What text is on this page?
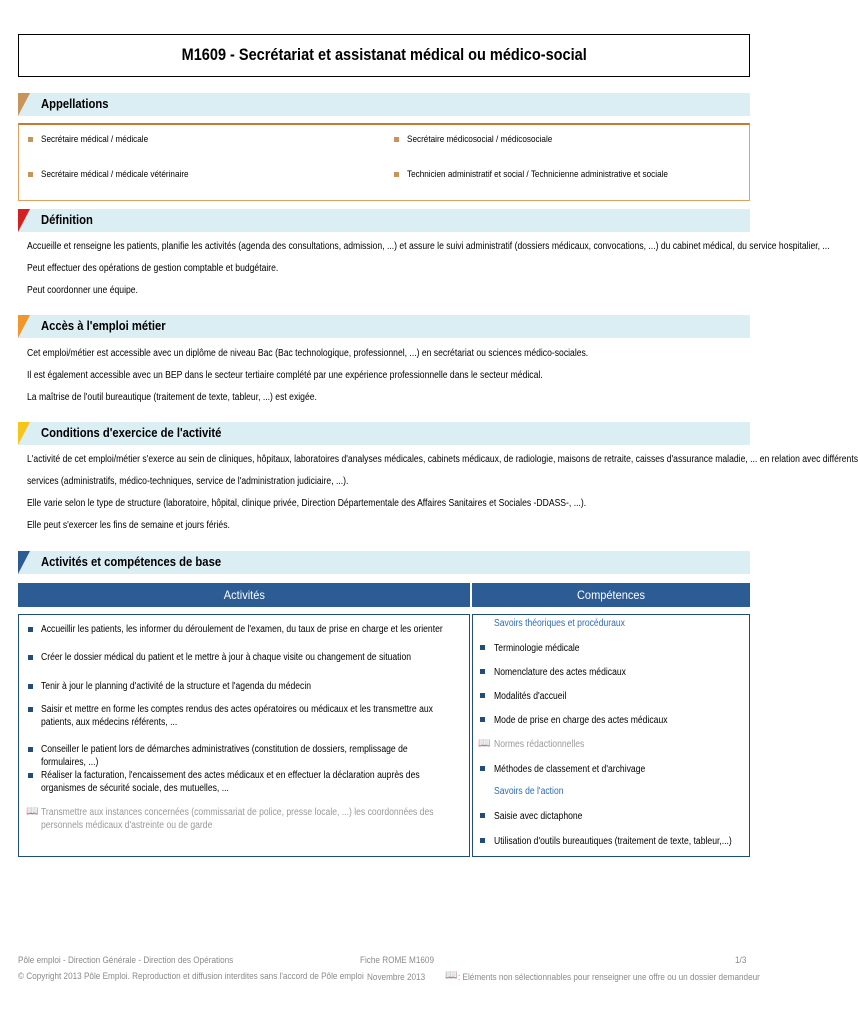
M1609 - Secrétariat et assistanat médical ou médico-social
Appellations
Secrétaire médical / médicale	Secrétaire médicosocial / médicosociale
Secrétaire médical / médicale vétérinaire	Technicien administratif et social / Technicienne administrative et sociale
Définition
Accueille et renseigne les patients, planifie les activités (agenda des consultations, admission, ...) et assure le suivi administratif (dossiers médicaux, convocations, ...) du cabinet médical, du service hospitalier, ...
Peut effectuer des opérations de gestion comptable et budgétaire.
Peut coordonner une équipe.
Accès à l'emploi métier
Cet emploi/métier est accessible avec un diplôme de niveau Bac (Bac technologique, professionnel, ...) en secrétariat ou sciences médico-sociales.
Il est également accessible avec un BEP dans le secteur tertiaire complété par une expérience professionnelle dans le secteur médical.
La maîtrise de l'outil bureautique (traitement de texte, tableur, ...) est exigée.
Conditions d'exercice de l'activité
L'activité de cet emploi/métier s'exerce au sein de cliniques, hôpitaux, laboratoires d'analyses médicales, cabinets médicaux, de radiologie, maisons de retraite, caisses d'assurance maladie, ... en relation avec différents
services (administratifs, médico-techniques, service de l'administration judiciaire, ...).
Elle varie selon le type de structure (laboratoire, hôpital, clinique privée, Direction Départementale des Affaires Sanitaires et Sociales -DDASS-, ...).
Elle peut s'exercer les fins de semaine et jours fériés.
Activités et compétences de base
Activités	Compétences
Accueillir les patients, les informer du déroulement de l'examen, du taux de prise en charge et les orienter
Créer le dossier médical du patient et le mettre à jour à chaque visite ou changement de situation
Tenir à jour le planning d'activité de la structure et l'agenda du médecin
Saisir et mettre en forme les comptes rendus des actes opératoires ou médicaux et les transmettre aux patients, aux médecins référents, ...
Conseiller le patient lors de démarches administratives (constitution de dossiers, remplissage de formulaires, ...)
Réaliser la facturation, l'encaissement des actes médicaux et en effectuer la déclaration auprès des organismes de sécurité sociale, des mutuelles, ...
📖 Transmettre aux instances concernées (commissariat de police, presse locale, ...) les coordonnées des personnels médicaux d'astreinte ou de garde
Savoirs théoriques et procéduraux
Terminologie médicale
Nomenclature des actes médicaux
Modalités d'accueil
Mode de prise en charge des actes médicaux
📖 Normes rédactionnelles
Méthodes de classement et d'archivage
Savoirs de l'action
Saisie avec dictaphone
Utilisation d'outils bureautiques (traitement de texte, tableur,...)
Pôle emploi - Direction Générale - Direction des Opérations
© Copyright 2013 Pôle Emploi. Reproduction et diffusion interdites sans l'accord de Pôle emploi
Fiche ROME M1609
Novembre 2013
1/3
📖 : Eléments non sélectionnables pour renseigner une offre ou un dossier demandeur
